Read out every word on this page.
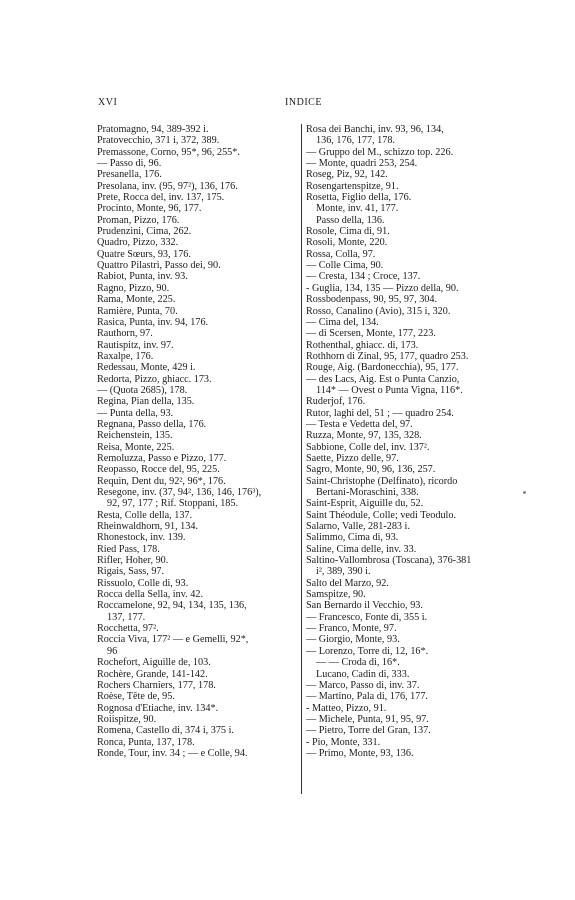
XVI	INDICE
Pratomagno, 94, 389-392 i.
Pratovecchio, 371 i, 372, 389.
Premassone, Corno, 95*, 96, 255*.
— Passo di, 96.
Presanella, 176.
Presolana, inv. (95, 97²), 136, 176.
Prete, Rocca del, inv. 137, 175.
Procinto, Monte, 96, 177.
Proman, Pizzo, 176.
Prudenzini, Cima, 262.
Quadro, Pizzo, 332.
Quatre Sœurs, 93, 176.
Quattro Pilastri, Passo dei, 90.
Rabiot, Punta, inv. 93.
Ragno, Pizzo, 90.
Rama, Monte, 225.
Ramière, Punta, 70.
Rasica, Punta, inv. 94, 176.
Rauthorn, 97.
Rautispitz, inv. 97.
Raxalpe, 176.
Redessau, Monte, 429 i.
Redorta, Pizzo, ghiacc. 173.
— (Quota 2685), 178.
Regina, Pian della, 135.
— Punta della, 93.
Regnana, Passo della, 176.
Reichenstein, 135.
Reisa, Monte, 225.
Remoluzza, Passo e Pizzo, 177.
Reopasso, Rocce del, 95, 225.
Requin, Dent du, 92², 96*, 176.
Resegone, inv. (37, 94², 136, 146, 176³),
92, 97, 177 ; Rif. Stoppani, 185.
Resta, Colle della, 137.
Rheinwaldhorn, 91, 134.
Rhonestock, inv. 139.
Ried Pass, 178.
Rifler, Hoher, 90.
Rigais, Sass, 97.
Rissuolo, Colle di, 93.
Rocca della Sella, inv. 42.
Roccamelone, 92, 94, 134, 135, 136,
137, 177.
Rocchetta, 97².
Roccia Viva, 177² — e Gemelli, 92*,
96
Rochefort, Aiguille de, 103.
Rochère, Grande, 141-142.
Rochers Charniers, 177, 178.
Roèse, Tête de, 95.
Rognosa d'Etiache, inv. 134*.
Roiispitze, 90.
Romena, Castello di, 374 i, 375 i.
Ronca, Punta, 137, 178.
Ronde, Tour, inv. 34 ; — e Colle, 94.
Rosa dei Banchi, inv. 93, 96, 134,
136, 176, 177, 178.
— Gruppo del M., schizzo top. 226.
— Monte, quadri 253, 254.
Roseg, Piz, 92, 142.
Rosengartenspitze, 91.
Rosetta, Figlio della, 176.
Monte, inv. 41, 177.
Passo della, 136.
Rosole, Cima di, 91.
Rosoli, Monte, 220.
Rossa, Colla, 97.
— Colle Cima, 90.
— Cresta, 134 ; Croce, 137.
- Guglia, 134, 135 — Pizzo della, 90.
Rossbodenpass, 90, 95, 97, 304.
Rosso, Canalino (Avio), 315 i, 320.
— Cima del, 134.
— di Scersen, Monte, 177, 223.
Rothenthal, ghiacc. di, 173.
Rothhorn di Zinal, 95, 177, quadro 253.
Rouge, Aig. (Bardonecchia), 95, 177.
— des Lacs, Aig. Est o Punta Canzio,
114* — Ovest o Punta Vigna, 116*.
Ruderjof, 176.
Rutor, laghi del, 51 ; — quadro 254.
— Testa e Vedetta del, 97.
Ruzza, Monte, 97, 135, 328.
Sabbione, Colle del, inv. 137².
Saette, Pizzo delle, 97.
Sagro, Monte, 90, 96, 136, 257.
Saint-Christophe (Delfinato), ricordo
Bertani-Moraschini, 338.
Saint-Esprit, Aiguille du, 52.
Saint Théodule, Colle; vedi Teodulo.
Salarno, Valle, 281-283 i.
Salimmo, Cima di, 93.
Saline, Cima delle, inv. 33.
Saltino-Vallombrosa (Toscana), 376-381
i², 389, 390 i.
Salto del Marzo, 92.
Samspitze, 90.
San Bernardo il Vecchio, 93.
— Francesco, Fonte di, 355 i.
— Franco, Monte, 97.
— Giorgio, Monte, 93.
— Lorenzo, Torre di, 12, 16*.
— — Croda di, 16*.
Lucano, Cadin di, 333.
— Marco, Passo di, inv. 37.
— Martino, Pala di, 176, 177.
- Matteo, Pizzo, 91.
— Michele, Punta, 91, 95, 97.
— Pietro, Torre del Gran, 137.
- Pio, Monte, 331.
— Primo, Monte, 93, 136.
